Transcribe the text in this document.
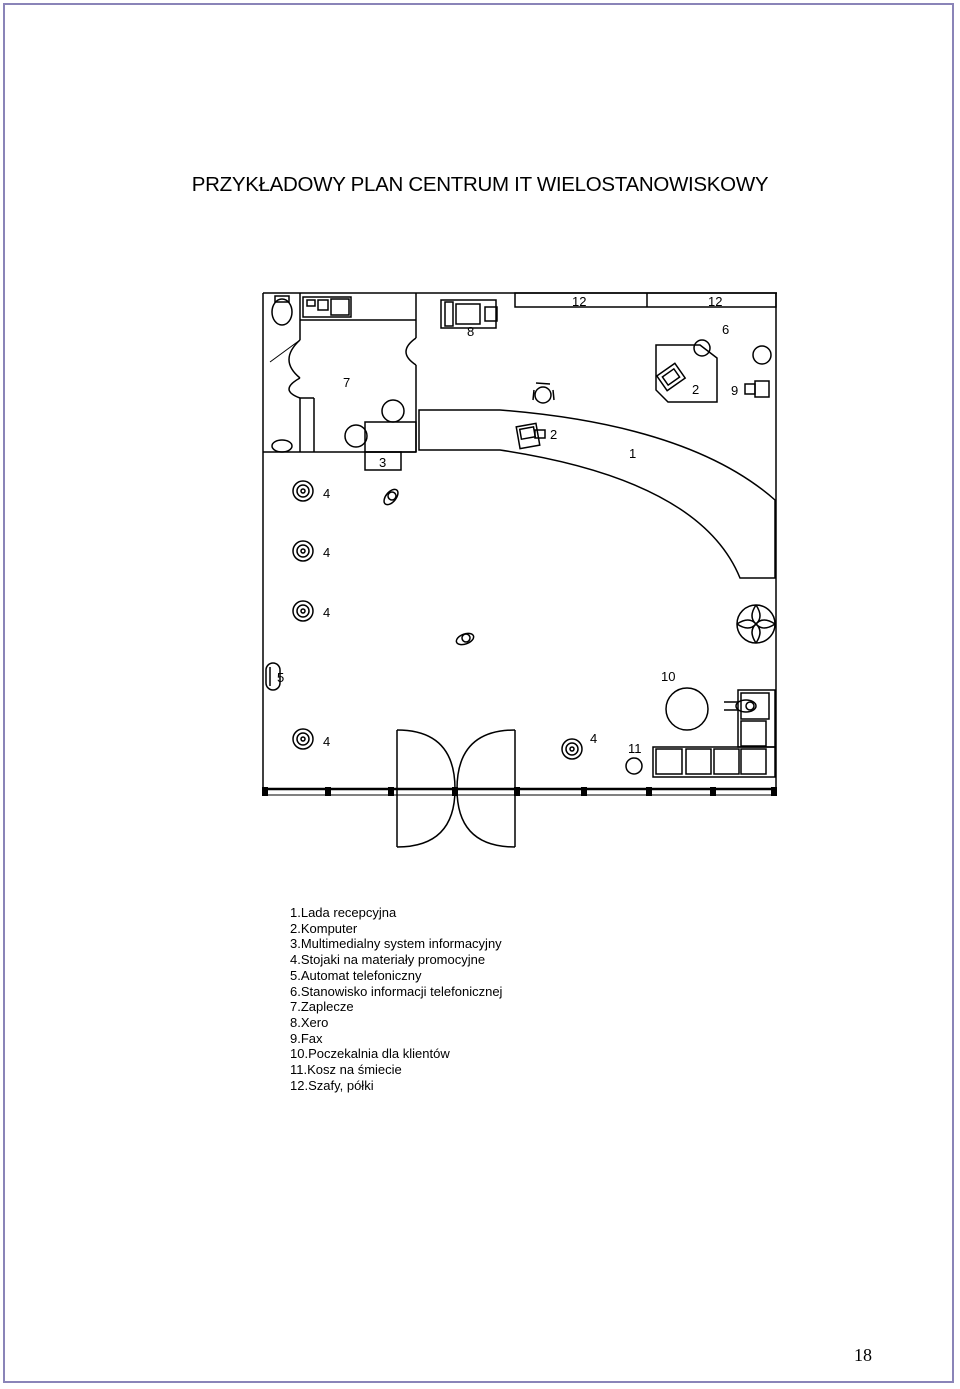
PRZYKŁADOWY PLAN CENTRUM IT WIELOSTANOWISKOWY
7
8
3
1
2
2
6
9
12	12
4
4
4
4	4
5	10
11
1.Lada recepcyjna
2.Komputer
3.Multimedialny system informacyjny
4.Stojaki na materiały promocyjne
5.Automat telefoniczny
6.Stanowisko informacji telefonicznej
7.Zaplecze
8.Xero
9.Fax
10.Poczekalnia dla klientów
11.Kosz na śmiecie
12.Szafy, półki
18
